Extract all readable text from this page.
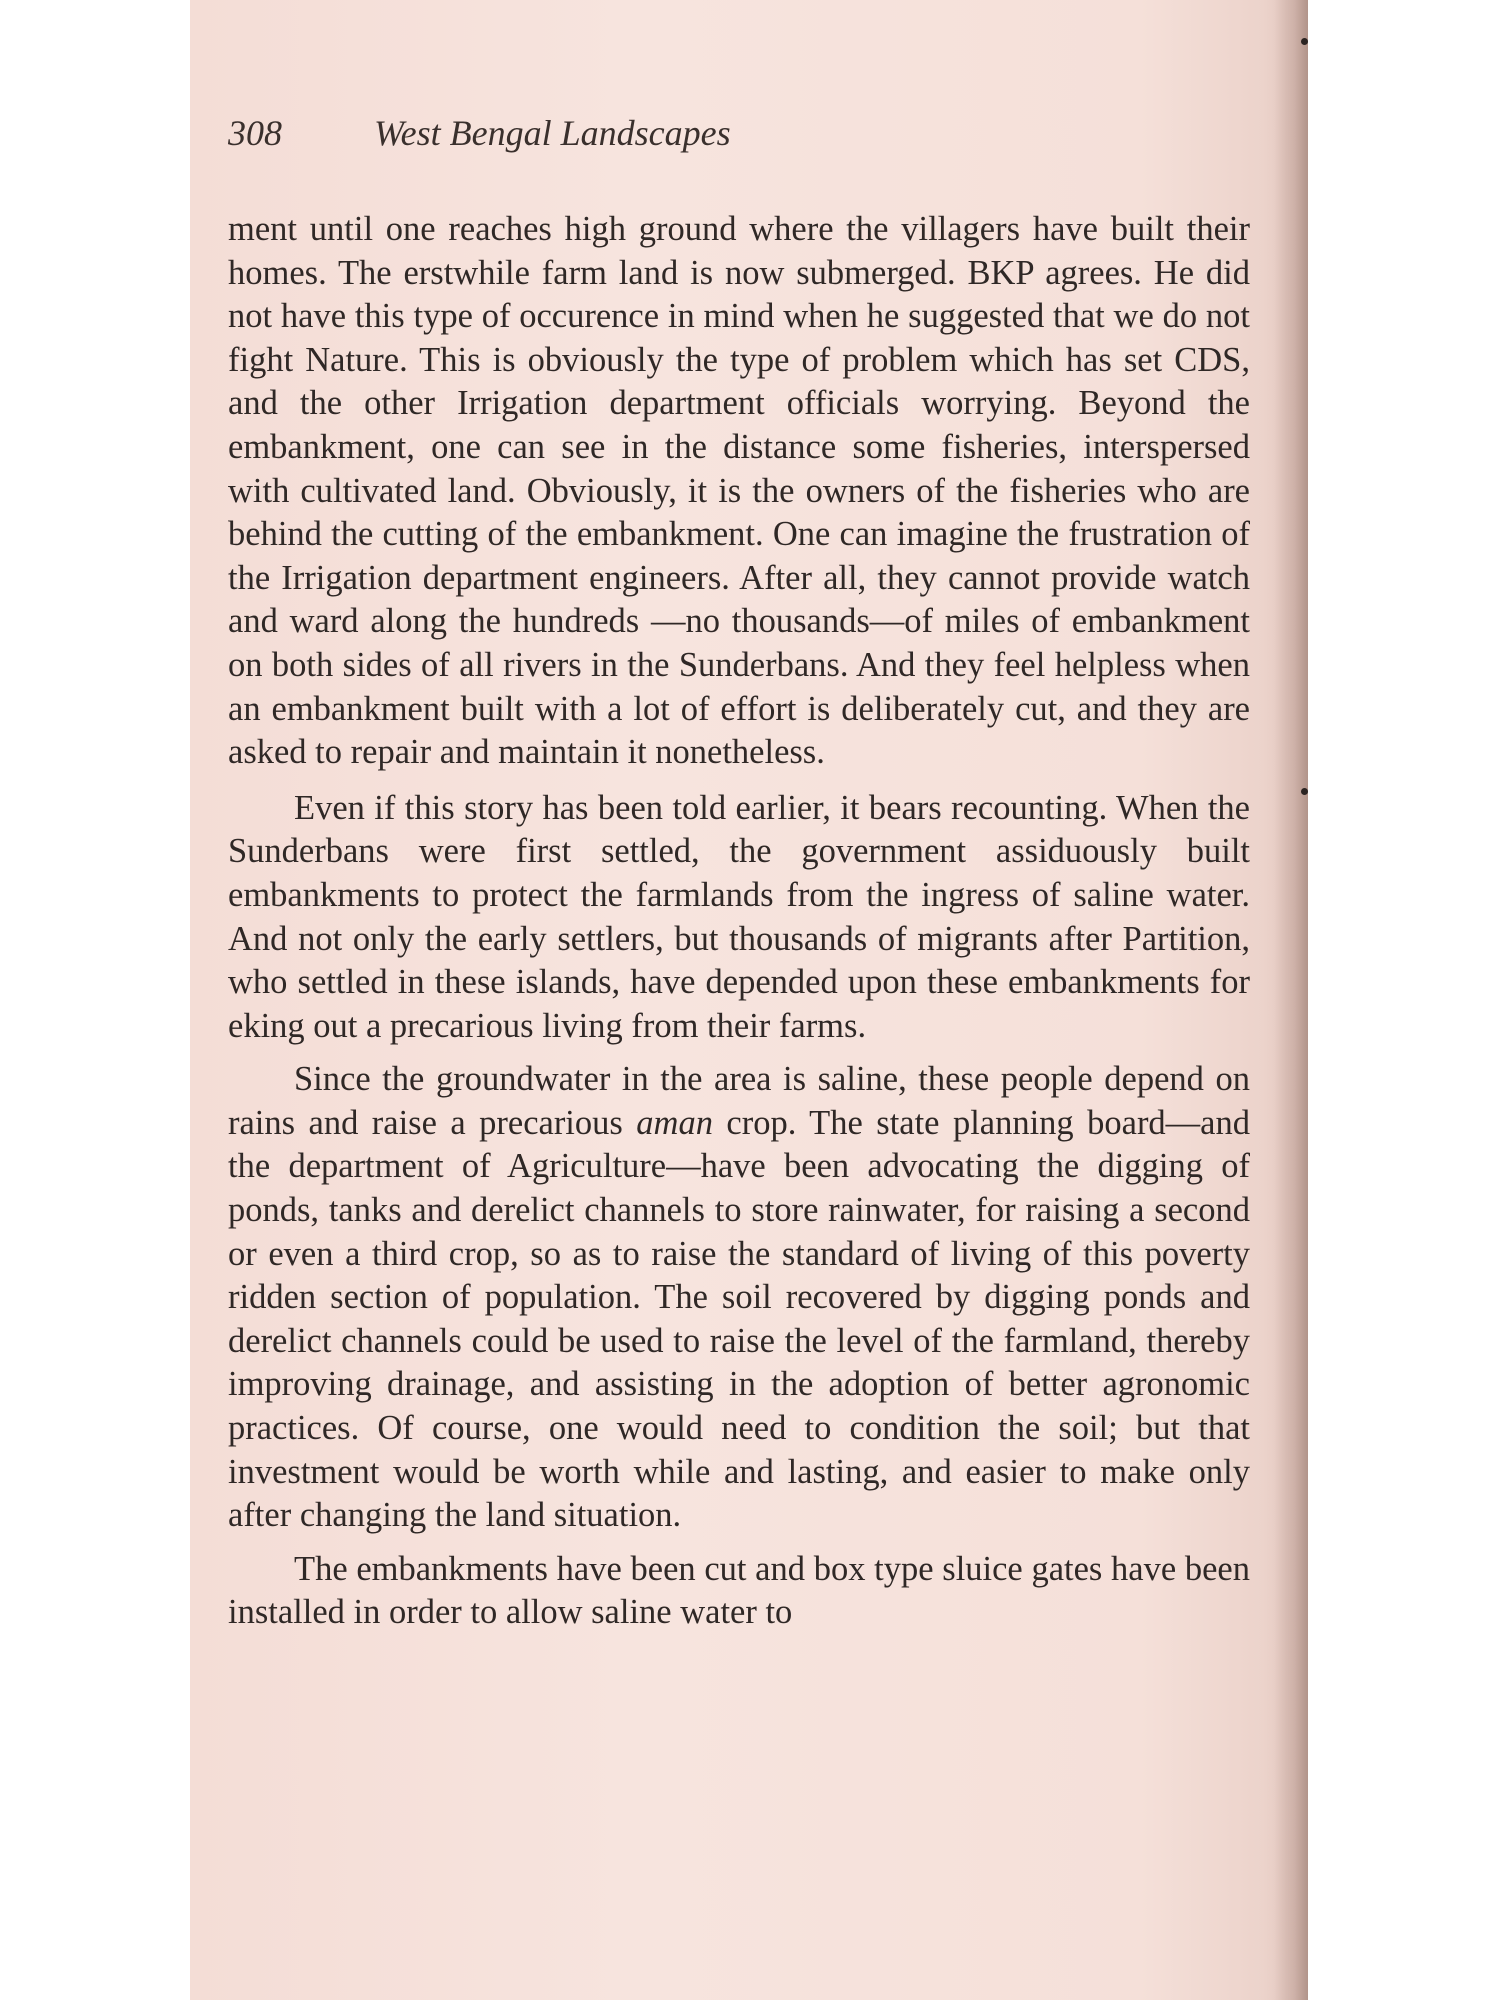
308	West Bengal Landscapes

ment until one reaches high ground where the villagers have built their homes. The erstwhile farm land is now submerged. BKP agrees. He did not have this type of occurence in mind when he suggested that we do not fight Nature. This is obviously the type of problem which has set CDS, and the other Irrigation department officials worrying. Beyond the embankment, one can see in the distance some fisheries, interspersed with cultivated land. Obviously, it is the owners of the fisheries who are behind the cutting of the embankment. One can imagine the frustration of the Irrigation department engineers. After all, they cannot provide watch and ward along the hundreds —no thousands—of miles of embankment on both sides of all rivers in the Sunderbans. And they feel helpless when an embankment built with a lot of effort is deliberately cut, and they are asked to repair and maintain it nonetheless.

Even if this story has been told earlier, it bears recounting. When the Sunderbans were first settled, the government assiduously built embankments to protect the farmlands from the ingress of saline water. And not only the early settlers, but thousands of migrants after Partition, who settled in these islands, have depended upon these embankments for eking out a precarious living from their farms.

Since the groundwater in the area is saline, these people depend on rains and raise a precarious aman crop. The state planning board—and the department of Agriculture—have been advocating the digging of ponds, tanks and derelict channels to store rainwater, for raising a second or even a third crop, so as to raise the standard of living of this poverty ridden section of population. The soil recovered by digging ponds and derelict channels could be used to raise the level of the farmland, thereby improving drainage, and assisting in the adoption of better agronomic practices. Of course, one would need to condition the soil; but that investment would be worth while and lasting, and easier to make only after changing the land situation.

The embankments have been cut and box type sluice gates have been installed in order to allow saline water to
